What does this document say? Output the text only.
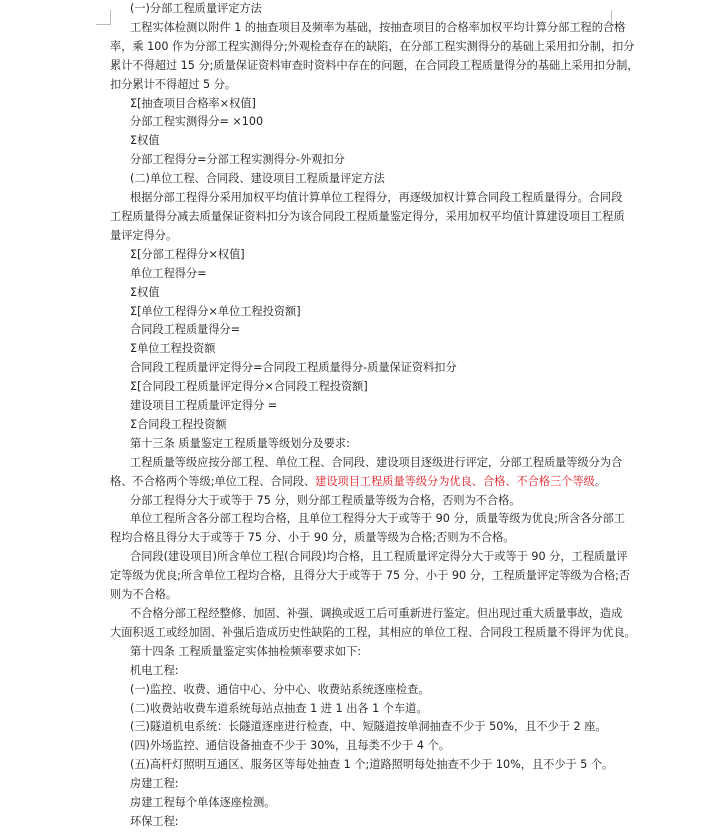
(一)分部工程质量评定方法
工程实体检测以附件 1 的抽查项目及频率为基础，按抽查项目的合格率加权平均计算分部工程的合格
率，乘 100 作为分部工程实测得分;外观检查存在的缺陷，在分部工程实测得分的基础上采用扣分制，扣分
累计不得超过 15 分;质量保证资料审查时资料中存在的问题，在合同段工程质量得分的基础上采用扣分制，
扣分累计不得超过 5 分。
Σ[抽查项目合格率×权值]
分部工程实测得分= ×100
Σ权值
分部工程得分=分部工程实测得分-外观扣分
(二)单位工程、合同段、建设项目工程质量评定方法
根据分部工程得分采用加权平均值计算单位工程得分，再逐级加权计算合同段工程质量得分。合同段
工程质量得分减去质量保证资料扣分为该合同段工程质量鉴定得分，采用加权平均值计算建设项目工程质
量评定得分。
Σ[分部工程得分×权值]
单位工程得分=
Σ权值
Σ[单位工程得分×单位工程投资额]
合同段工程质量得分=
Σ单位工程投资额
合同段工程质量评定得分=合同段工程质量得分-质量保证资料扣分
Σ[合同段工程质量评定得分×合同段工程投资额]
建设项目工程质量评定得分 =
Σ合同段工程投资额
第十三条 质量鉴定工程质量等级划分及要求:
工程质量等级应按分部工程、单位工程、合同段、建设项目逐级进行评定，分部工程质量等级分为合
格、不合格两个等级;单位工程、合同段、建设项目工程质量等级分为优良、合格、不合格三个等级。
分部工程得分大于或等于 75 分，则分部工程质量等级为合格，否则为不合格。
单位工程所含各分部工程均合格，且单位工程得分大于或等于 90 分，质量等级为优良;所含各分部工
程均合格且得分大于或等于 75 分、小于 90 分，质量等级为合格;否则为不合格。
合同段(建设项目)所含单位工程(合同段)均合格，且工程质量评定得分大于或等于 90 分，工程质量评
定等级为优良;所含单位工程均合格，且得分大于或等于 75 分、小于 90 分，工程质量评定等级为合格;否
则为不合格。
不合格分部工程经整修、加固、补强、调换或返工后可重新进行鉴定。但出现过重大质量事故，造成
大面积返工或经加固、补强后造成历史性缺陷的工程，其相应的单位工程、合同段工程质量不得评为优良。
第十四条 工程质量鉴定实体抽检频率要求如下:
机电工程:
(一)监控、收费、通信中心、分中心、收费站系统逐座检查。
(二)收费站收费车道系统每站点抽查 1 进 1 出各 1 个车道。
(三)隧道机电系统：长隧道逐座进行检查，中、短隧道按单洞抽查不少于 50%，且不少于 2 座。
(四)外场监控、通信设备抽查不少于 30%，且每类不少于 4 个。
(五)高杆灯照明互通区、服务区等每处抽查 1 个;道路照明每处抽查不少于 10%，且不少于 5 个。
房建工程:
房建工程每个单体逐座检测。
环保工程:
